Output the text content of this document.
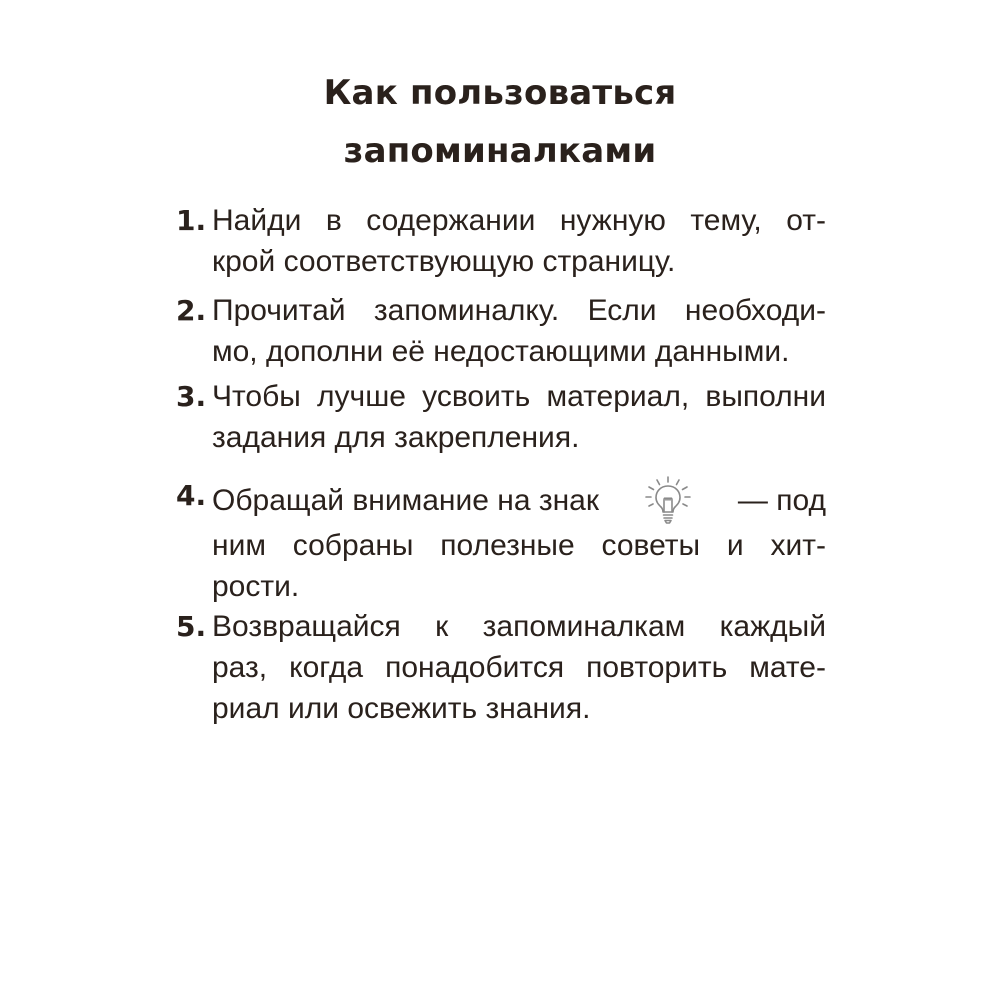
Как пользоваться
запоминалками
1. Найди в содержании нужную тему, от-
крой соответствующую страницу.
2. Прочитай запоминалку. Если необходи-
мо, дополни её недостающими данными.
3. Чтобы лучше усвоить материал, выполни
задания для закрепления.
4. Обращай внимание на знак	— под
ним собраны полезные советы и хит-
рости.
5. Возвращайся к запоминалкам каждый
раз, когда понадобится повторить мате-
риал или освежить знания.
